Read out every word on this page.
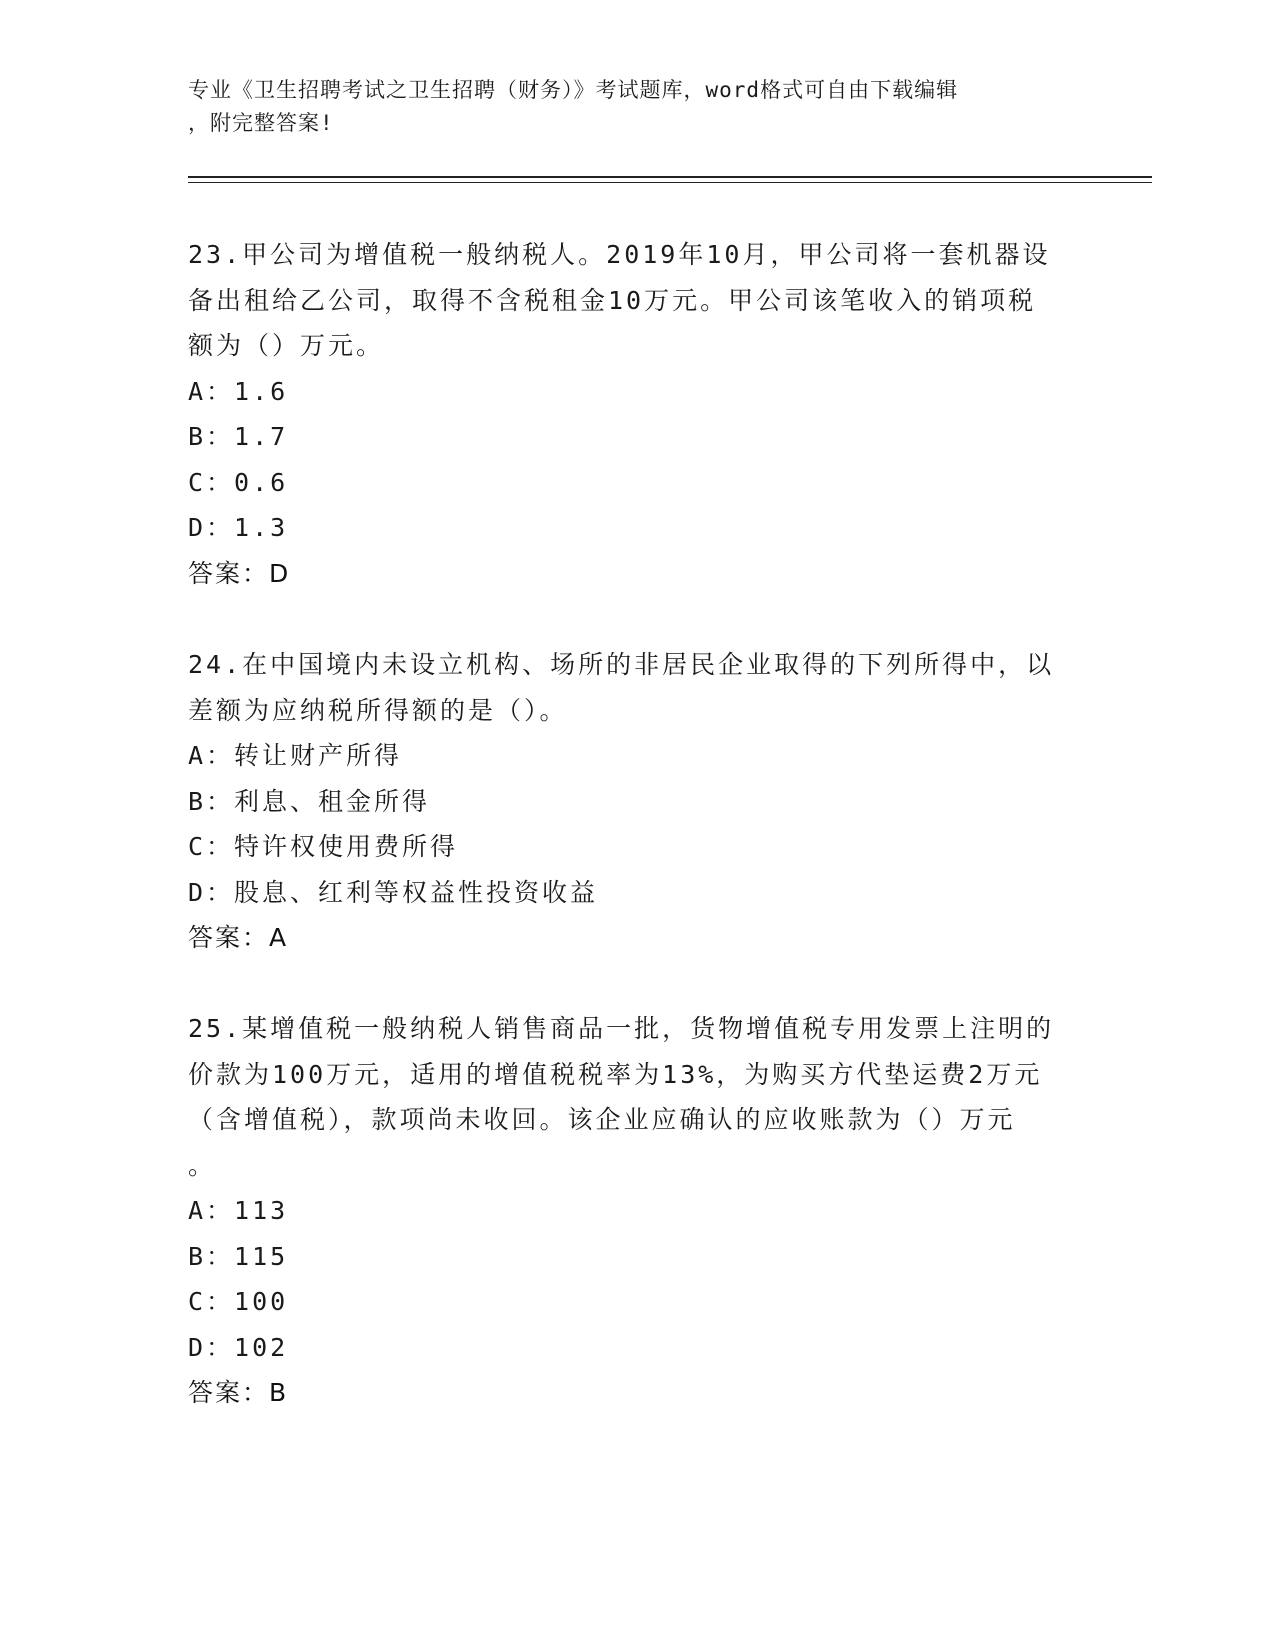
专业《卫生招聘考试之卫生招聘（财务）》考试题库，word格式可自由下载编辑
，附完整答案!

23.甲公司为增值税一般纳税人。2019年10月，甲公司将一套机器设

备出租给乙公司，取得不含税租金10万元。甲公司该笔收入的销项税

额为（）万元。

A：1.6

B：1.7

C：0.6

D：1.3

答案：D

24.在中国境内未设立机构、场所的非居民企业取得的下列所得中，以

差额为应纳税所得额的是（）。

A：转让财产所得

B：利息、租金所得

C：特许权使用费所得

D：股息、红利等权益性投资收益

答案：A

25.某增值税一般纳税人销售商品一批，货物增值税专用发票上注明的

价款为100万元，适用的增值税税率为13%，为购买方代垫运费2万元

（含增值税），款项尚未收回。该企业应确认的应收账款为（）万元

。

A：113

B：115

C：100

D：102

答案：B
